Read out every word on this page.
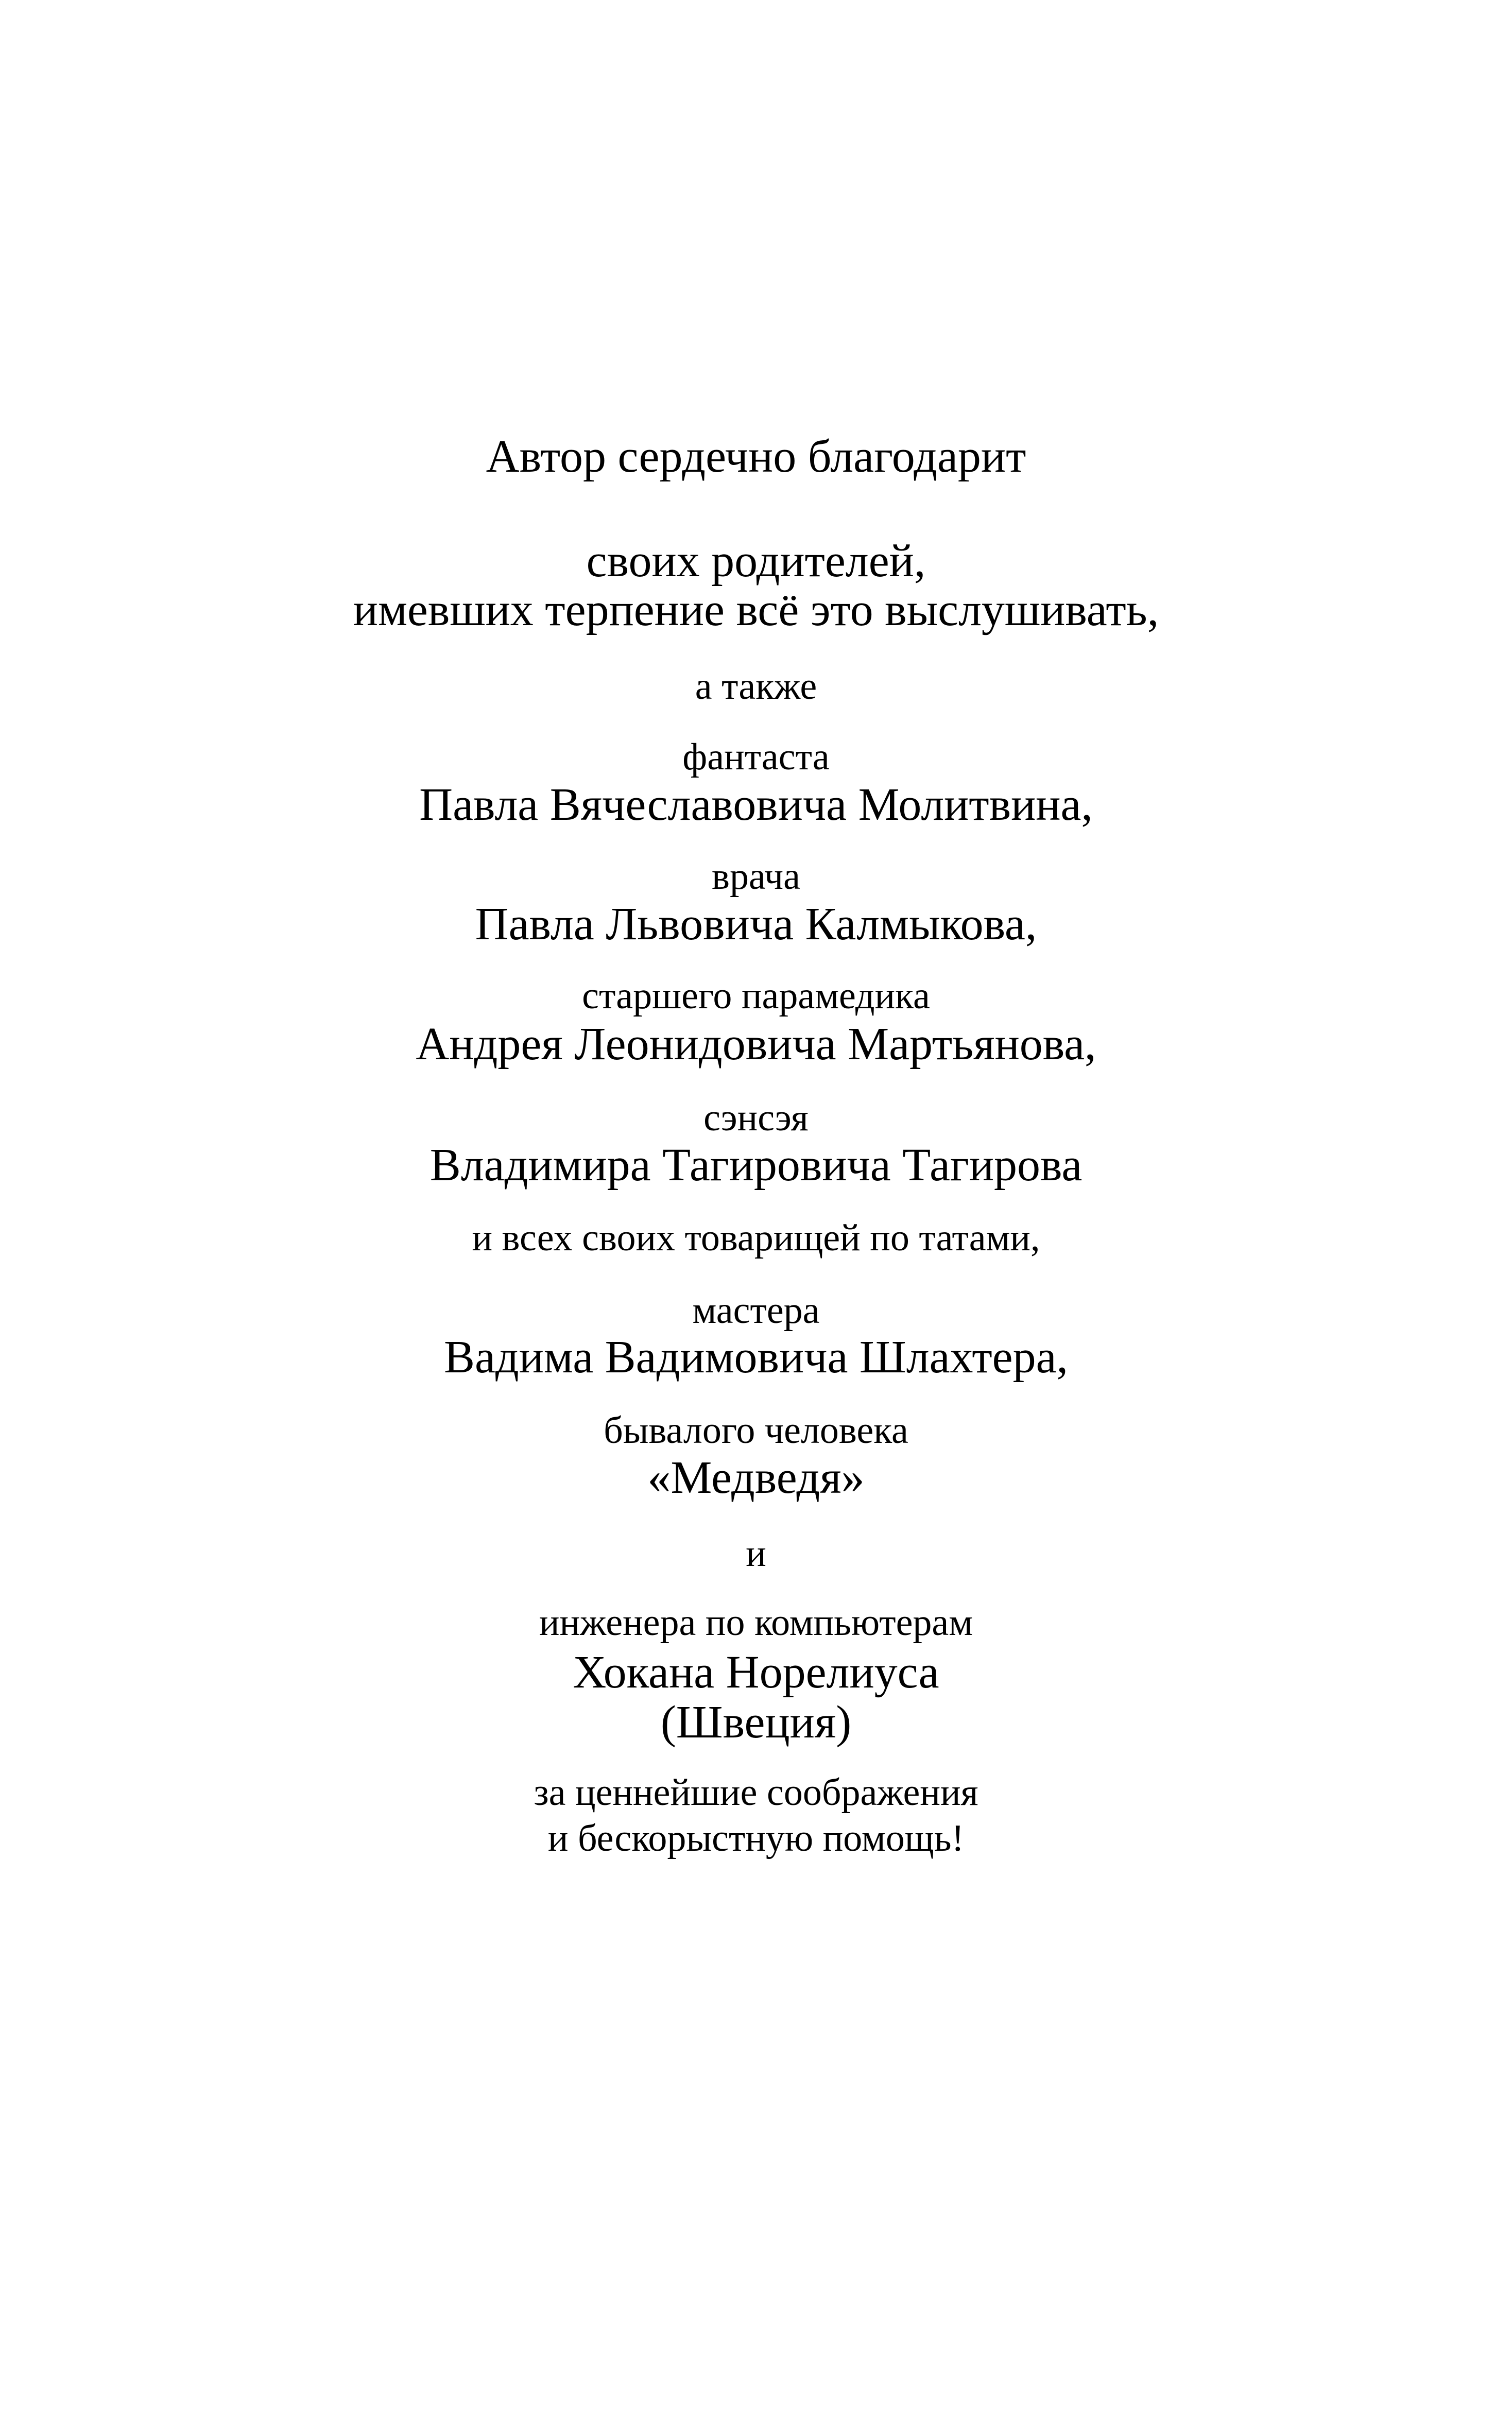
Автор сердечно благодарит
своих родителей,
имевших терпение всё это выслушивать,
а также
фантаста
Павла Вячеславовича Молитвина,
врача
Павла Львовича Калмыкова,
старшего парамедика
Андрея Леонидовича Мартьянова,
сэнсэя
Владимира Тагировича Тагирова
и всех своих товарищей по татами,
мастера
Вадима Вадимовича Шлахтера,
бывалого человека
«Медведя»
и
инженера по компьютерам
Хокана Норелиуса
(Швеция)
за ценнейшие соображения
и бескорыстную помощь!
